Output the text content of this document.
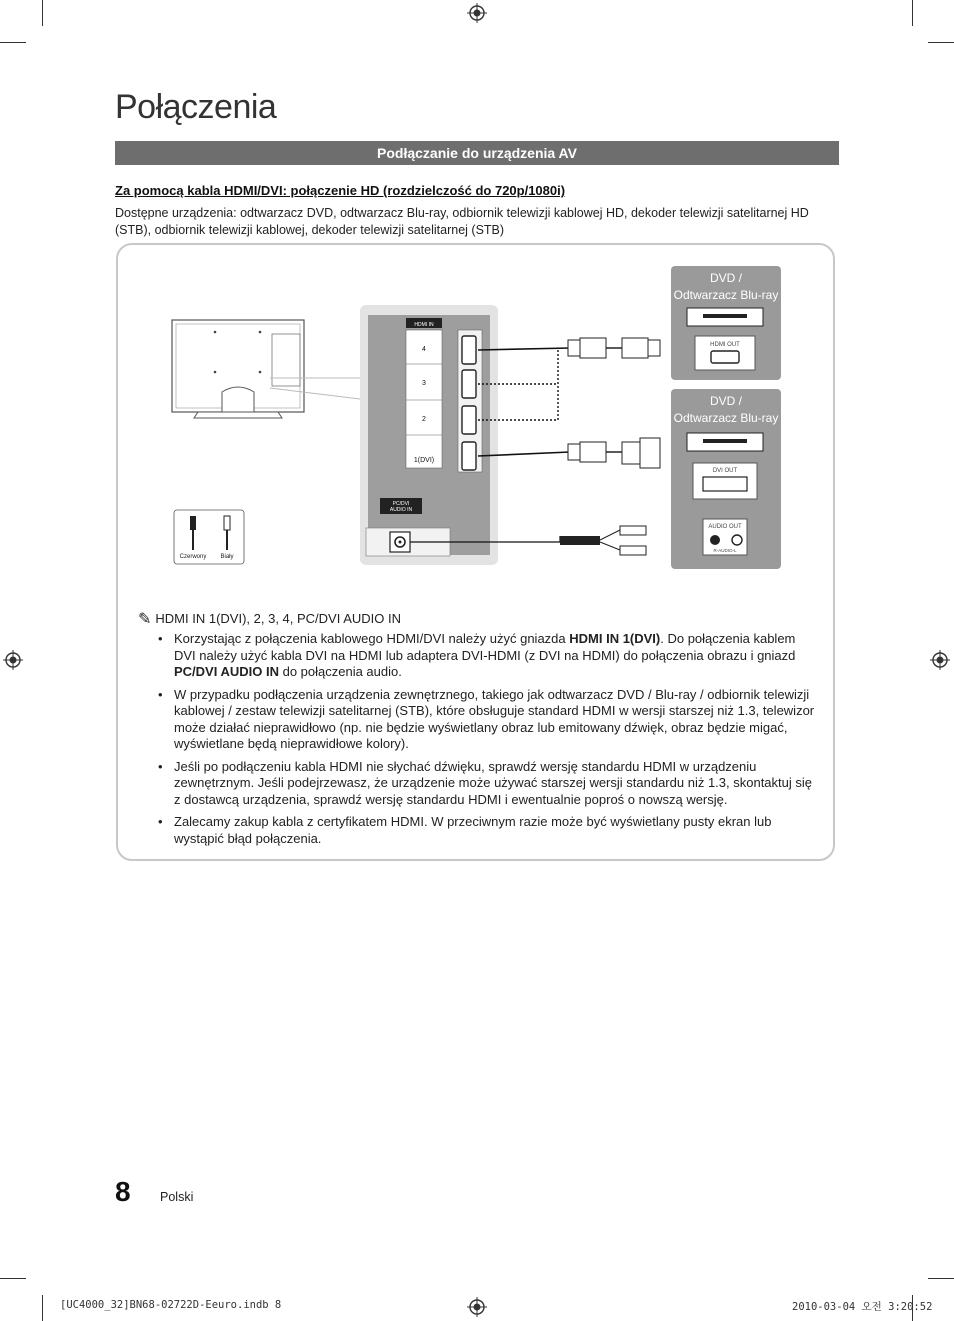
Połączenia
Podłączanie do urządzenia AV
Za pomocą kabla HDMI/DVI: połączenie HD (rozdzielczość do 720p/1080i)
Dostępne urządzenia: odtwarzacz DVD, odtwarzacz Blu-ray, odbiornik telewizji kablowej HD, dekoder telewizji satelitarnej HD (STB), odbiornik telewizji kablowej, dekoder telewizji satelitarnej (STB)
HDMI IN
4
3
2
1(DVI)
PC/DVI
AUDIO IN
Czerwony Biały
DVD /
Odtwarzacz Blu-ray
HDMI OUT
DVD /
Odtwarzacz Blu-ray
DVI OUT
AUDIO OUT
R-AUDIO-L
✎ HDMI IN 1(DVI), 2, 3, 4, PC/DVI AUDIO IN
• Korzystając z połączenia kablowego HDMI/DVI należy użyć gniazda HDMI IN 1(DVI). Do połączenia kablem DVI należy użyć kabla DVI na HDMI lub adaptera DVI-HDMI (z DVI na HDMI) do połączenia obrazu i gniazd PC/DVI AUDIO IN do połączenia audio.
• W przypadku podłączenia urządzenia zewnętrznego, takiego jak odtwarzacz DVD / Blu-ray / odbiornik telewizji kablowej / zestaw telewizji satelitarnej (STB), które obsługuje standard HDMI w wersji starszej niż 1.3, telewizor może działać nieprawidłowo (np. nie będzie wyświetlany obraz lub emitowany dźwięk, obraz będzie migać, wyświetlane będą nieprawidłowe kolory).
• Jeśli po podłączeniu kabla HDMI nie słychać dźwięku, sprawdź wersję standardu HDMI w urządzeniu zewnętrznym. Jeśli podejrzewasz, że urządzenie może używać starszej wersji standardu niż 1.3, skontaktuj się z dostawcą urządzenia, sprawdź wersję standardu HDMI i ewentualnie poproś o nowszą wersję.
• Zalecamy zakup kabla z certyfikatem HDMI. W przeciwnym razie może być wyświetlany pusty ekran lub wystąpić błąd połączenia.
8 Polski
[UC4000_32]BN68-02722D-Eeuro.indb 8	2010-03-04 오전 3:20:52
